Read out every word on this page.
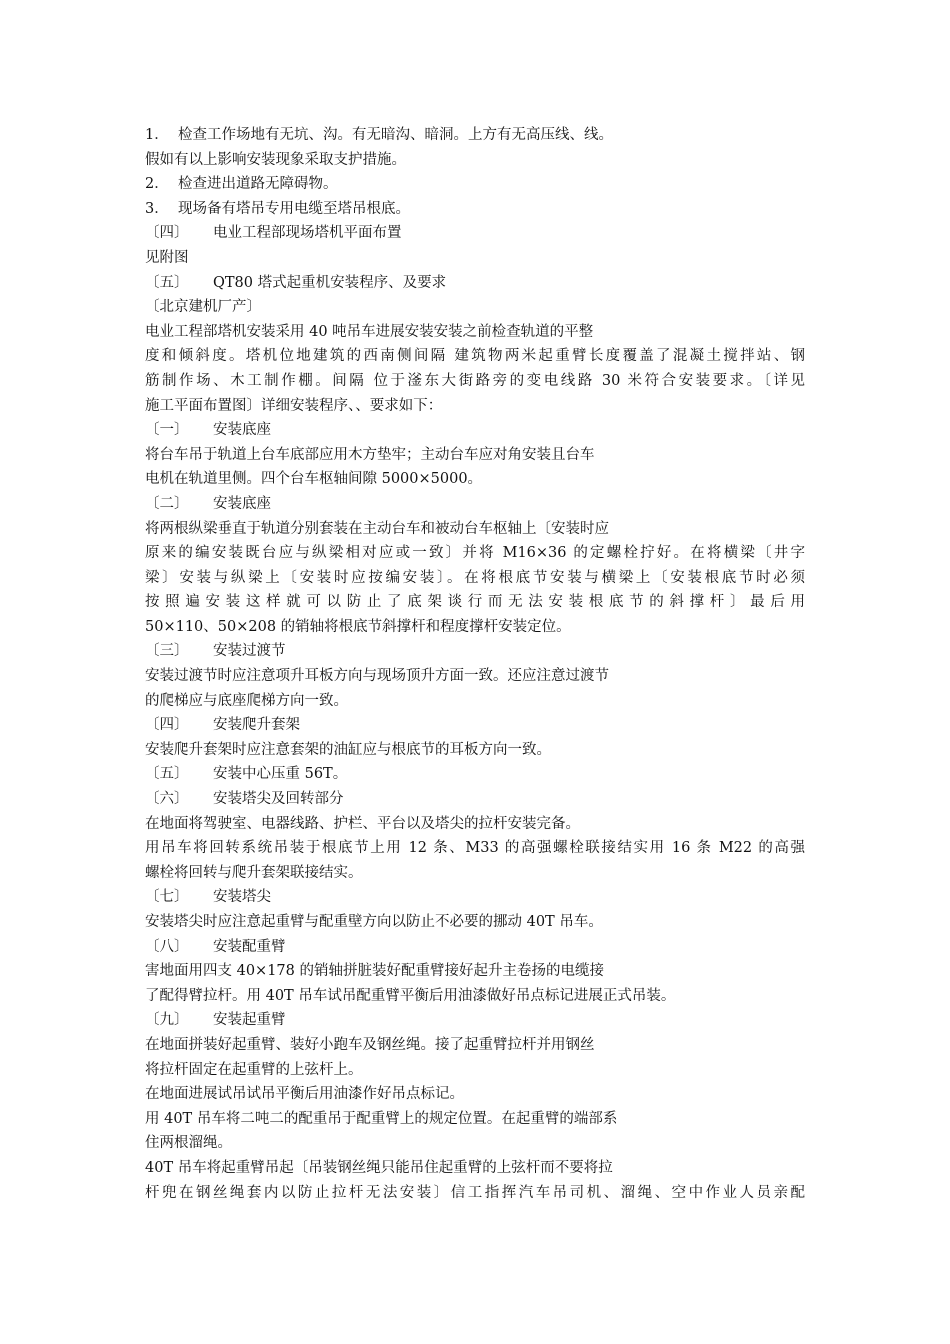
1． 检查工作场地有无坑、沟。有无暗沟、暗洞。上方有无高压线、线。
假如有以上影响安装现象采取支护措施。
2． 检查进出道路无障碍物。
3． 现场备有塔吊专用电缆至塔吊根底。
〔四〕 电业工程部现场塔机平面布置
见附图
〔五〕 QT80 塔式起重机安装程序、及要求
〔北京建机厂产〕
电业工程部塔机安装采用 40 吨吊车进展安装安装之前检查轨道的平整
度和倾斜度。塔机位地建筑的西南侧间隔 建筑物两米起重臂长度覆盖了混凝土搅拌站、钢
筋制作场、木工制作棚。间隔 位于滏东大街路旁的变电线路 30 米符合安装要求。〔详见
施工平面布置图〕详细安装程序、、要求如下：
〔一〕 安装底座
将台车吊于轨道上台车底部应用木方垫牢；主动台车应对角安装且台车
电机在轨道里侧。四个台车枢轴间隙 5000×5000。
〔二〕 安装底座
将两根纵梁垂直于轨道分别套装在主动台车和被动台车枢轴上〔安装时应
原来的编安装既台应与纵梁相对应或一致〕并将 M16×36 的定螺栓拧好。在将横梁〔井字
梁〕安装与纵梁上〔安装时应按编安装〕。在将根底节安装与横梁上〔安装根底节时必须
按照遍安装这样就可以防止了底架谈行而无法安装根底节的斜撑杆〕最后用
50×110、50×208 的销轴将根底节斜撑杆和程度撑杆安装定位。
〔三〕 安装过渡节
安装过渡节时应注意项升耳板方向与现场顶升方面一致。还应注意过渡节
的爬梯应与底座爬梯方向一致。
〔四〕 安装爬升套架
安装爬升套架时应注意套架的油缸应与根底节的耳板方向一致。
〔五〕 安装中心压重 56T。
〔六〕 安装塔尖及回转部分
在地面将驾驶室、电器线路、护栏、平台以及塔尖的拉杆安装完备。
用吊车将回转系统吊装于根底节上用 12 条、M33 的高强螺栓联接结实用 16 条 M22 的高强
螺栓将回转与爬升套架联接结实。
〔七〕 安装塔尖
安装塔尖时应注意起重臂与配重壁方向以防止不必要的挪动 40T 吊车。
〔八〕 安装配重臂
害地面用四支 40×178 的销轴拼脏装好配重臂接好起升主卷扬的电缆接
了配得臂拉杆。用 40T 吊车试吊配重臂平衡后用油漆做好吊点标记进展正式吊装。
〔九〕 安装起重臂
在地面拼装好起重臂、装好小跑车及钢丝绳。接了起重臂拉杆并用钢丝
将拉杆固定在起重臂的上弦杆上。
在地面进展试吊试吊平衡后用油漆作好吊点标记。
用 40T 吊车将二吨二的配重吊于配重臂上的规定位置。在起重臂的端部系
住两根溜绳。
40T 吊车将起重臂吊起〔吊装钢丝绳只能吊住起重臂的上弦杆而不要将拉
杆兜在钢丝绳套内以防止拉杆无法安装〕信工指挥汽车吊司机、溜绳、空中作业人员亲配
